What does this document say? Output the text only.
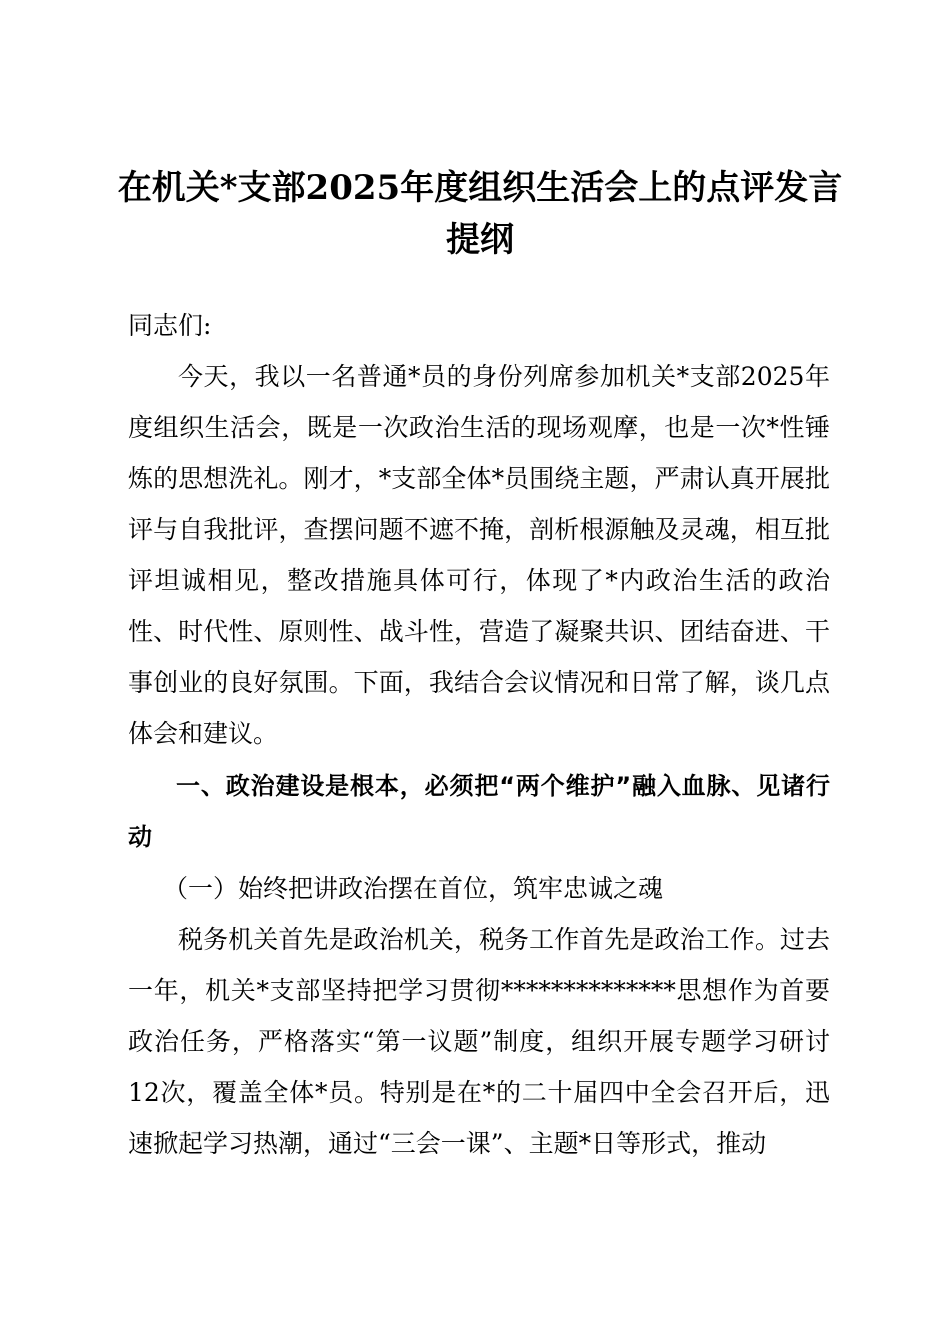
在机关*支部2025年度组织生活会上的点评发言提纲

同志们:

今天，我以一名普通*员的身份列席参加机关*支部2025年度组织生活会，既是一次政治生活的现场观摩，也是一次*性锤炼的思想洗礼。刚才，*支部全体*员围绕主题，严肃认真开展批评与自我批评，查摆问题不遮不掩，剖析根源触及灵魂，相互批评坦诚相见，整改措施具体可行，体现了*内政治生活的政治性、时代性、原则性、战斗性，营造了凝聚共识、团结奋进、干事创业的良好氛围。下面，我结合会议情况和日常了解，谈几点体会和建议。

一、政治建设是根本，必须把“两个维护”融入血脉、见诸行动

（一）始终把讲政治摆在首位，筑牢忠诚之魂

税务机关首先是政治机关，税务工作首先是政治工作。过去一年，机关*支部坚持把学习贯彻**************思想作为首要政治任务，严格落实“第一议题”制度，组织开展专题学习研讨12次，覆盖全体*员。特别是在*的二十届四中全会召开后，迅速掀起学习热潮，通过“三会一课”、主题*日等形式，推动
